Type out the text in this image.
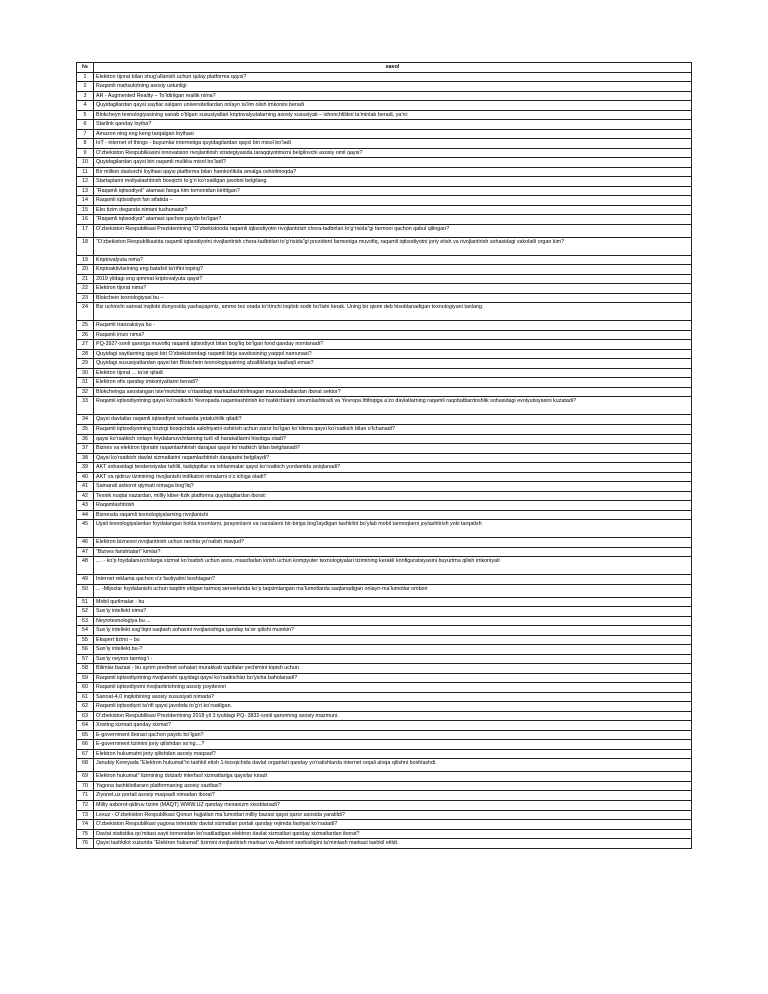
№	savol
1	Elektron tijorat bilan shug’ullanish uchun qulay platforma qaysi?
2	Raqamli mahsulotning asosiy ustunligi
3	AR - Augmented Reality – To‘ldirilgan reallik nima?
4	Quyidagilardan qaysi saytlar xalqaro universitetlardan onlayn ta’lim olish imkonini beradi
5	Blokcheyn texnologiyasining sanab o’tilgan xususiyatlari kriptovalyutalarning asosiy xususiyati – ishonchlilikni ta’minlab beradi, ya’ni:
6	Starlink qanday loyiha?
7	Amazon ning eng keng tarqalgan loyihasi
8	IoT - internet of things - buyumlar internetiga quyidagilardan qaysi biri misol bo’ladi
9	O‘zbekiston Respublikasini innovatsion rivojlantirish strategiyasida taraqqiyotimizni belgilovchi asosiy omil qaysi?
10	Quyidagilardan qaysi biri raqamli mulkka misol bo’ladi?
11	Bir million dasturchi loyihasi qaysi platforma bilan hamkorlikda amalga oshirilmoqda?
12	Startaplarni moliyalashtirish bosqichi to’g’ri ko’rsatilgan javobni belgilang
13	“Raqamli iqtisodiyot” atamasi fanga kim tomonidan kiritilgan?
14	Raqamli iqtisodiyot fan sifatida –
15	Eko tizim deganda nimani tushunasiz?
16	“Raqamli iqtisodiyot” atamasi qachon paydo bo‘lgan?
17	O‘zbekiston Respublikasi Prezidentining “O‘zbekistonda raqamli iqtisodiyotni rivojlantirish chora-tadbirlari to‘g‘risida”gi farmoni qachon qabul qilingan?
18	“O‘zbekiston Respublikasida raqamli iqtisodiyotni rivojlantirish chora-tadbirlari to‘g‘risida”gi prezident farmoniga muvofiq, raqamli iqtisodiyotni joriy etish va rivojlantirish sohasidagi vakolatli organ kim?
19	Kriptovalyuta nima?
20	Kriptoaktivlarining eng batafsil ta’rifini toping?
21	2019 yildagi eng qimmat kriptovalyuta qaysi?
22	Elektron tijorat nima?
23	Blokchein texnologiyasi bu –
24	Biz uchinchi sanoat inqilobi dunyosida yashayapmiz, ammo tez orada to‘rtinchi inqilob sodir bo‘lishi kerak. Uning bir qismi deb hisoblanadigan texnologiyani tanlang.
25	Raqamli tranzaksiya bu -
26	Raqamli imzo nima?
27	PQ-3927-sonli qarorga muvofiq raqamli iqtisodiyot bilan bog’liq bo’lgan fond qanday nomlanadi?
28	Quyidagi saytlarning qaysi biri O’zbekistondagi raqamli birja savdosining yaqqol namunasi?
29	Quyidagi xususiyatlardan qaysi biri Blokchein texnologiyasining afzalliklariga taalluqli emas?
30	Elektron tijorat ... ta’sir qiladi
31	Elektron ofis qanday imkoniyatlarni beradi?
32	Blokcheinga asoslangan iste’molchilar o’rtasidagi markazlashtirilmagan munosabatlardan iborat sektor?
33	Raqamli iqtisodiyotning qaysi ko’rsatkichi Yevropada raqamlashtirish ko’rsatkichlarini umumlashtiradi va Yevropa Ittifoqiga a’zo davlatlarning raqamli raqobatbardoshlik sohasidagi evolyutsiyasini kuzatadi?
34	Qaysi davlatlar raqamli iqtisodiyot sohasida yetakchilik qiladi?
35	Raqamli iqtisodiyotning hozirgi bosqichida salohiyatni oshirish uchun zarur bo’lgan ko’nikma qaysi ko’rsatkich bilan o’lchanadi?
36	qaysi ko’rsatkich onlayn foydalanuvchilarning turli xil harakatlarini hisobga oladi?
37	Biznes va elektron tijoratni raqamlashtirish darajasi qaysi ko’rsatkich bilan belgilanadi?
38	Qaysi ko’rsatkich davlat xizmatlarini raqamlashtirish darajasini belgilaydi?
39	AKT sohasidagi tendensiyalar tahlili, tadqiqotlar va ishlanmalar qaysi ko’rsatkich yordamida aniqlanadi?
40	AKT va qidiruv tizimining rivojlanishi indikatori nimalarni o’z ichiga oladi?
41	Samarali axborot qiymati nimaga bog’liq?
42	Texnik nuqtai nazardan, milliy kiber-fizik platforma quyidagilardan iborat:
43	Raqamlashtirish
44	Biznesda raqamli texnologiyalarning rivojlanishi
45	Uyali texnologiyalardan foydalangan holda insonlarni, jarayonlarni va narsalarni bir-biriga bog’laydigan tashkilot bo’ylab mobil tarmoqlarni joylashtirish yoki tarqatish
46	Elektron biznesni rivojlantirish uchun nechta yo’nalish mavjud?
47	“Biznes farishtalari” kimlar?
48	.... - ko’p foydalanuvchilarga xizmat ko’rsatish uchun asos, masofadan kirish uchun kompyuter texnologiyalari tizimining kerakli konfiguratsiyasini buyurtma qilish imkoniyati
49	Internet reklama qachon o’z faoliyatini boshlagan?
50	... -Mijozlar foydalanishi uchun taqdim etilgan tarmoq serverlarida ko’p taqsimlangan ma’lumotlarda saqlanadigan onlayn-ma’lumotlar ombori
51	Mobil qurilmalar - bu
52	Sun’iy intellekt nima?
53	Neyrotexnologiya bu ...
54	Sun’iy intellekt sog’liqni saqlash sohasini rivojlanishiga qanday ta’sir qilishi mumkin?
55	Ekspert tizimi – bu
56	Sun’iy intellekt bu-?
57	Sun’iy neyron tarmog’i -
58	Bilimlar bazasi - bu ayrim predmet sohalari murakkab vazifalar yechimini topish uchun
59	Raqamli iqtisodiyotning rivojlanishi quyidagi qaysi ko’rsatkichlar bo’yicha baholanadi?
60	Raqamli iqtisodiyotni rivojlantirishning asosiy poydevori
61	Sanoat-4,0 inqilobining asosiy xususiyati nimada?
62	Raqamli iqtisodiyot ta’rifi qaysi javobda to’g’ri ko’rsatilgan.
63	O’zbekiston Respublikasi Prezidentining 2018 yil 3 iyuldagi PQ- 3832-sonli qarorining asosiy mazmuni.
64	Xosting xizmati qanday xizmat?
65	E-government iborasi qachon paydo bo’lgan?
66	E-government tizimini joriy qilishdan so’ng....?
67	Elektron hukumatni joriy qilishdan asosiy maqsad?
68	Janubiy Koreyada “Elektron hukumat”ni tashkil etish 1-bosqichida davlat organlari qanday yo’nalishlarda internet orqali aloqa qilishni boshlashdi.
69	Elektron hukumat” tizimining dolzarb interfaol xizmatlariga qaysilar kiradi
70	Yagona tashkilotlararo platformaning asosiy vazifasi?
71	Ziyonet.uz portali asosiy maqsadi nimadan iborat?
72	Milliy axborot-qidiruv tizimi (MAQT) WWW.UZ qanday mexanizm xisoblanadi?
73	Lexuz - O’zbekiston Respublikasi Qonun hujjatlari ma’lumotlari milliy bazasi qaysi qaror asosida yaratildi?
74	O’zbekiston Respublikasi yagona interaktiv davlat xizmatlari portali qanday rejimda faoliyat ko’rsatadi?
75	Davlat statistika qo’mitasi sayti tomonidan ko’rsatiladigan elektron davlat xizmatlari qanday xizmatlardan iborat?
76	Qaysi tashkilot xuzurida “Elektron hukumat” tizimini rivojlantirish markazi va Axborot xavfsizligini ta’minlash markazi tashkil etildi.
